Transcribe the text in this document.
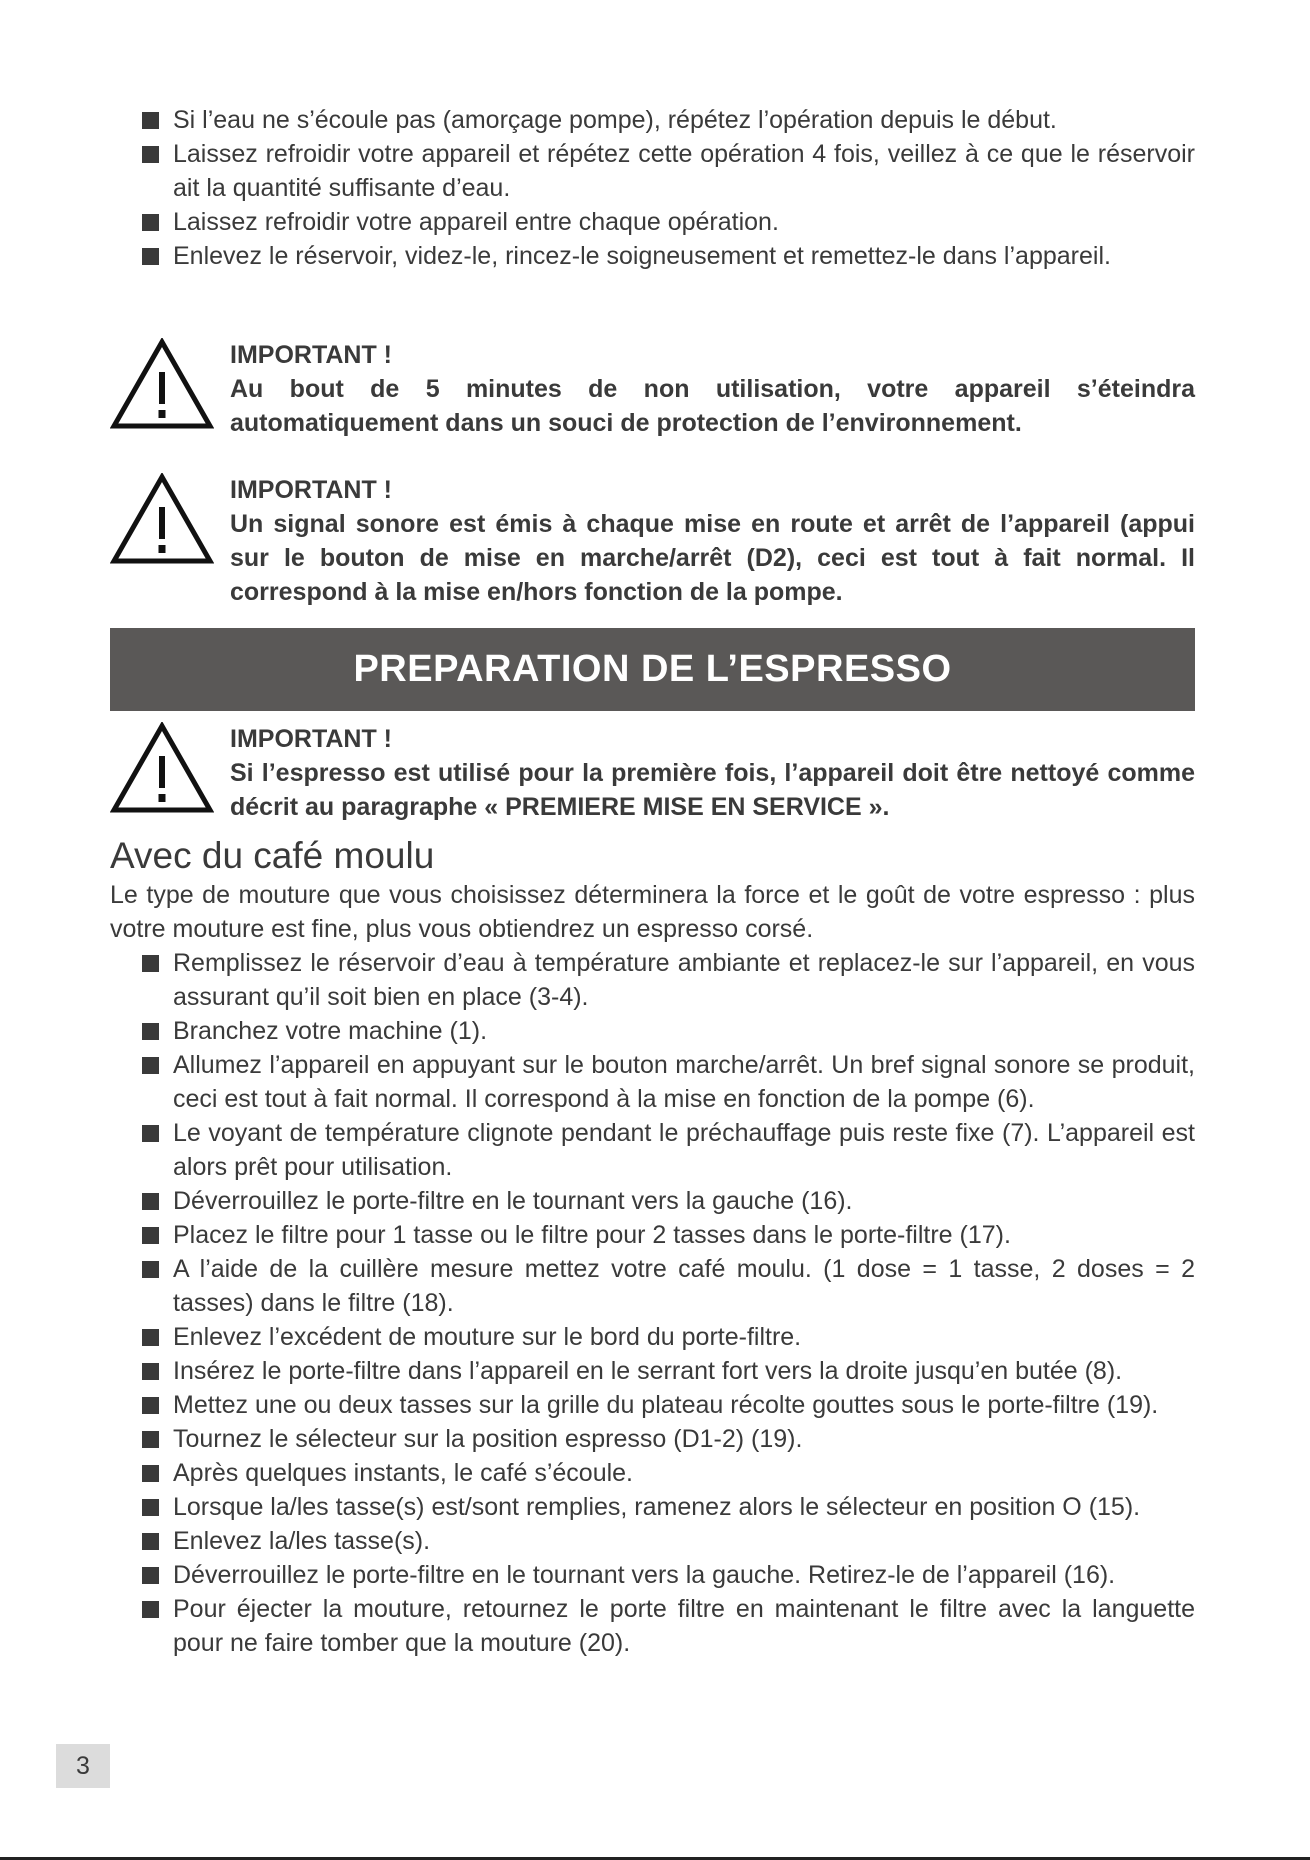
Si l’eau ne s’écoule pas (amorçage pompe), répétez l’opération depuis le début.
Laissez refroidir votre appareil et répétez cette opération 4 fois, veillez à ce que le réservoir ait la quantité suffisante d’eau.
Laissez refroidir votre appareil entre chaque opération.
Enlevez le réservoir, videz-le, rincez-le soigneusement et remettez-le dans l’appareil.
IMPORTANT !
Au bout de 5 minutes de non utilisation, votre appareil s’éteindra automatiquement dans un souci de protection de l’environnement.
IMPORTANT !
Un signal sonore est émis à chaque mise en route et arrêt de l’appareil (appui sur le bouton de mise en marche/arrêt (D2), ceci est tout à fait normal. Il correspond à la mise en/hors fonction de la pompe.
PREPARATION DE L’ESPRESSO
IMPORTANT !
Si l’espresso est utilisé pour la première fois, l’appareil doit être nettoyé comme décrit au paragraphe « PREMIERE MISE EN SERVICE ».
Avec du café moulu
Le type de mouture que vous choisissez déterminera la force et le goût de votre espresso : plus votre mouture est fine, plus vous obtiendrez un espresso corsé.
Remplissez le réservoir d’eau à température ambiante et replacez-le sur l’appareil, en vous assurant qu’il soit bien en place (3-4).
Branchez votre machine (1).
Allumez l’appareil en appuyant sur le bouton marche/arrêt. Un bref signal sonore se produit, ceci est tout à fait normal. Il correspond à la mise en fonction de la pompe (6).
Le voyant de température clignote pendant le préchauffage puis reste fixe (7). L’appareil est alors prêt pour utilisation.
Déverrouillez le porte-filtre en le tournant vers la gauche (16).
Placez le filtre pour 1 tasse ou le filtre pour 2 tasses dans le porte-filtre (17).
A l’aide de la cuillère mesure mettez votre café moulu. (1 dose = 1 tasse, 2 doses = 2 tasses) dans le filtre (18).
Enlevez l’excédent de mouture sur le bord du porte-filtre.
Insérez le porte-filtre dans l’appareil en le serrant fort vers la droite jusqu’en butée (8).
Mettez une ou deux tasses sur la grille du plateau récolte gouttes sous le porte-filtre (19).
Tournez le sélecteur sur la position espresso (D1-2) (19).
Après quelques instants, le café s’écoule.
Lorsque la/les tasse(s) est/sont remplies, ramenez alors le sélecteur en position O (15).
Enlevez la/les tasse(s).
Déverrouillez le porte-filtre en le tournant vers la gauche. Retirez-le de l’appareil (16).
Pour éjecter la mouture, retournez le porte filtre en maintenant le filtre avec la languette pour ne faire tomber que la mouture (20).
3
